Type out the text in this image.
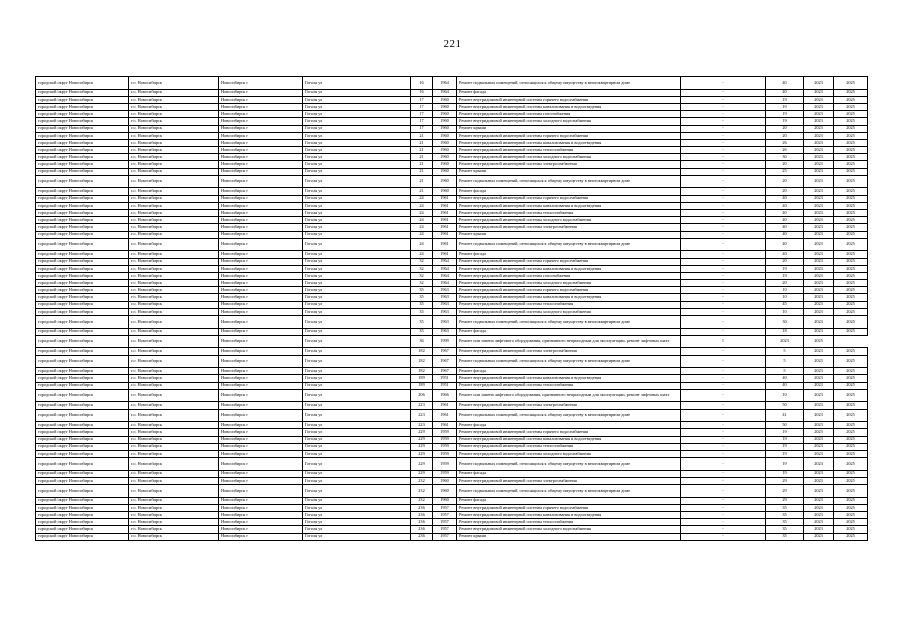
221
городской округ Новосибирск	г.о. Новосибирск	Новосибирск г	Гоголя ул	16	1964	Ремонт подвальных помещений, относящихся к общему имуществу в многоквартирном доме	-	40	2023	2025
городской округ Новосибирск	г.о. Новосибирск	Новосибирск г	Гоголя ул	16	1964	Ремонт фасада	-	40	2023	2025
городской округ Новосибирск	г.о. Новосибирск	Новосибирск г	Гоголя ул	17	1960	Ремонт внутридомовой инженерной системы горячего водоснабжения	-	19	2023	2025
городской округ Новосибирск	г.о. Новосибирск	Новосибирск г	Гоголя ул	17	1960	Ремонт внутридомовой инженерной системы канализования и водоотведения	-	19	2023	2025
городской округ Новосибирск	г.о. Новосибирск	Новосибирск г	Гоголя ул	17	1960	Ремонт внутридомовой инженерной системы газоснабжения	-	19	2023	2025
городской округ Новосибирск	г.о. Новосибирск	Новосибирск г	Гоголя ул	17	1960	Ремонт внутридомовой инженерной системы холодного водоснабжения	-	19	2023	2025
городской округ Новосибирск	г.о. Новосибирск	Новосибирск г	Гоголя ул	17	1960	Ремонт крыши	-	20	2023	2025
городской округ Новосибирск	г.о. Новосибирск	Новосибирск г	Гоголя ул	21	1960	Ремонт внутридомовой инженерной системы горячего водоснабжения	-	20	2023	2025
городской округ Новосибирск	г.о. Новосибирск	Новосибирск г	Гоголя ул	21	1960	Ремонт внутридомовой инженерной системы канализования и водоотведения	-	26	2023	2025
городской округ Новосибирск	г.о. Новосибирск	Новосибирск г	Гоголя ул	21	1960	Ремонт внутридомовой инженерной системы теплоснабжения	-	26	2023	2025
городской округ Новосибирск	г.о. Новосибирск	Новосибирск г	Гоголя ул	21	1960	Ремонт внутридомовой инженерной системы холодного водоснабжения	-	30	2023	2025
городской округ Новосибирск	г.о. Новосибирск	Новосибирск г	Гоголя ул	21	1960	Ремонт внутридомовой инженерной системы электроснабжения	-	20	2023	2025
городской округ Новосибирск	г.о. Новосибирск	Новосибирск г	Гоголя ул	21	1960	Ремонт крыши	-	25	2023	2025
городской округ Новосибирск	г.о. Новосибирск	Новосибирск г	Гоголя ул	21	1960	Ремонт подвальных помещений, относящихся к общему имуществу в многоквартирном доме	-	20	2023	2025
городской округ Новосибирск	г.о. Новосибирск	Новосибирск г	Гоголя ул	21	1960	Ремонт фасада	-	20	2023	2025
городской округ Новосибирск	г.о. Новосибирск	Новосибирск г	Гоголя ул	24	1961	Ремонт внутридомовой инженерной системы горячего водоснабжения	-	40	2023	2025
городской округ Новосибирск	г.о. Новосибирск	Новосибирск г	Гоголя ул	24	1961	Ремонт внутридомовой инженерной системы канализования и водоотведения	-	40	2023	2025
городской округ Новосибирск	г.о. Новосибирск	Новосибирск г	Гоголя ул	24	1961	Ремонт внутридомовой инженерной системы теплоснабжения	-	40	2023	2025
городской округ Новосибирск	г.о. Новосибирск	Новосибирск г	Гоголя ул	24	1961	Ремонт внутридомовой инженерной системы холодного водоснабжения	-	40	2023	2025
городской округ Новосибирск	г.о. Новосибирск	Новосибирск г	Гоголя ул	24	1961	Ремонт внутридомовой инженерной системы электроснабжения	-	40	2023	2025
городской округ Новосибирск	г.о. Новосибирск	Новосибирск г	Гоголя ул	24	1961	Ремонт крыши	-	40	2023	2025
городской округ Новосибирск	г.о. Новосибирск	Новосибирск г	Гоголя ул	24	1961	Ремонт подвальных помещений, относящихся к общему имуществу в многоквартирном доме	-	40	2023	2025
городской округ Новосибирск	г.о. Новосибирск	Новосибирск г	Гоголя ул	24	1961	Ремонт фасада	-	40	2023	2025
городской округ Новосибирск	г.о. Новосибирск	Новосибирск г	Гоголя ул	32	1964	Ремонт внутридомовой инженерной системы горячего водоснабжения	-	20	2023	2025
городской округ Новосибирск	г.о. Новосибирск	Новосибирск г	Гоголя ул	32	1964	Ремонт внутридомовой инженерной системы канализования и водоотведения	-	19	2023	2025
городской округ Новосибирск	г.о. Новосибирск	Новосибирск г	Гоголя ул	32	1964	Ремонт внутридомовой инженерной системы газоснабжения	-	19	2023	2025
городской округ Новосибирск	г.о. Новосибирск	Новосибирск г	Гоголя ул	32	1964	Ремонт внутридомовой инженерной системы холодного водоснабжения	-	20	2023	2025
городской округ Новосибирск	г.о. Новосибирск	Новосибирск г	Гоголя ул	35	1963	Ремонт внутридомовой инженерной системы горячего водоснабжения	-	10	2023	2025
городской округ Новосибирск	г.о. Новосибирск	Новосибирск г	Гоголя ул	35	1963	Ремонт внутридомовой инженерной системы канализования и водоотведения	-	10	2023	2025
городской округ Новосибирск	г.о. Новосибирск	Новосибирск г	Гоголя ул	35	1963	Ремонт внутридомовой инженерной системы теплоснабжения	-	45	2023	2025
городской округ Новосибирск	г.о. Новосибирск	Новосибирск г	Гоголя ул	35	1963	Ремонт внутридомовой инженерной системы холодного водоснабжения	-	10	2023	2025
городской округ Новосибирск	г.о. Новосибирск	Новосибирск г	Гоголя ул	35	1963	Ремонт подвальных помещений, относящихся к общему имуществу в многоквартирном доме	-	30	2023	2025
городской округ Новосибирск	г.о. Новосибирск	Новосибирск г	Гоголя ул	35	1963	Ремонт фасада	-	18	2023	2025
городской округ Новосибирск	г.о. Новосибирск	Новосибирск г	Гоголя ул	36	1999	Ремонт или замена лифтового оборудования, признанного непригодным для эксплуатации, ремонт лифтовых шахт	1	2023	2025	
городской округ Новосибирск	г.о. Новосибирск	Новосибирск г	Гоголя ул	182	1967	Ремонт внутридомовой инженерной системы электроснабжения	-	5	2023	2025
городской округ Новосибирск	г.о. Новосибирск	Новосибирск г	Гоголя ул	182	1967	Ремонт подвальных помещений, относящихся к общему имуществу в многоквартирном доме	-	5	2023	2025
городской округ Новосибирск	г.о. Новосибирск	Новосибирск г	Гоголя ул	182	1967	Ремонт фасада	-	5	2023	2025
городской округ Новосибирск	г.о. Новосибирск	Новосибирск г	Гоголя ул	189	1951	Ремонт внутридомовой инженерной системы канализования и водоотведения	-	40	2023	2025
городской округ Новосибирск	г.о. Новосибирск	Новосибирск г	Гоголя ул	189	1951	Ремонт внутридомовой инженерной системы теплоснабжения	-	40	2023	2025
городской округ Новосибирск	г.о. Новосибирск	Новосибирск г	Гоголя ул	206	1966	Ремонт или замена лифтового оборудования, признанного непригодным для эксплуатации, ремонт лифтовых шахт	-	10	2023	2025
городской округ Новосибирск	г.о. Новосибирск	Новосибирск г	Гоголя ул	223	1961	Ремонт внутридомовой инженерной системы электроснабжения	-	50	2023	2025
городской округ Новосибирск	г.о. Новосибирск	Новосибирск г	Гоголя ул	223	1961	Ремонт подвальных помещений, относящихся к общему имуществу в многоквартирном доме	-	41	2023	2025
городской округ Новосибирск	г.о. Новосибирск	Новосибирск г	Гоголя ул	223	1961	Ремонт фасада	-	50	2023	2025
городской округ Новосибирск	г.о. Новосибирск	Новосибирск г	Гоголя ул	229	1959	Ремонт внутридомовой инженерной системы горячего водоснабжения	-	19	2023	2025
городской округ Новосибирск	г.о. Новосибирск	Новосибирск г	Гоголя ул	229	1959	Ремонт внутридомовой инженерной системы канализования и водоотведения	-	19	2023	2025
городской округ Новосибирск	г.о. Новосибирск	Новосибирск г	Гоголя ул	229	1959	Ремонт внутридомовой инженерной системы теплоснабжения	-	19	2023	2025
городской округ Новосибирск	г.о. Новосибирск	Новосибирск г	Гоголя ул	229	1959	Ремонт внутридомовой инженерной системы холодного водоснабжения	-	19	2023	2025
городской округ Новосибирск	г.о. Новосибирск	Новосибирск г	Гоголя ул	229	1959	Ремонт подвальных помещений, относящихся к общему имуществу в многоквартирном доме	-	19	2023	2025
городской округ Новосибирск	г.о. Новосибирск	Новосибирск г	Гоголя ул	229	1959	Ремонт фасада	-	19	2023	2025
городской округ Новосибирск	г.о. Новосибирск	Новосибирск г	Гоголя ул	232	1960	Ремонт внутридомовой инженерной системы электроснабжения	-	29	2023	2025
городской округ Новосибирск	г.о. Новосибирск	Новосибирск г	Гоголя ул	232	1960	Ремонт подвальных помещений, относящихся к общему имуществу в многоквартирном доме	-	29	2023	2025
городской округ Новосибирск	г.о. Новосибирск	Новосибирск г	Гоголя ул	232	1960	Ремонт фасада	-	29	2023	2025
городской округ Новосибирск	г.о. Новосибирск	Новосибирск г	Гоголя ул	236	1957	Ремонт внутридомовой инженерной системы горячего водоснабжения	-	35	2023	2025
городской округ Новосибирск	г.о. Новосибирск	Новосибирск г	Гоголя ул	236	1957	Ремонт внутридомовой инженерной системы канализования и водоотведения	-	35	2023	2025
городской округ Новосибирск	г.о. Новосибирск	Новосибирск г	Гоголя ул	236	1957	Ремонт внутридомовой инженерной системы теплоснабжения	-	35	2023	2025
городской округ Новосибирск	г.о. Новосибирск	Новосибирск г	Гоголя ул	236	1957	Ремонт внутридомовой инженерной системы холодного водоснабжения	-	35	2023	2025
городской округ Новосибирск	г.о. Новосибирск	Новосибирск г	Гоголя ул	236	1957	Ремонт крыши	-	35	2023	2025
